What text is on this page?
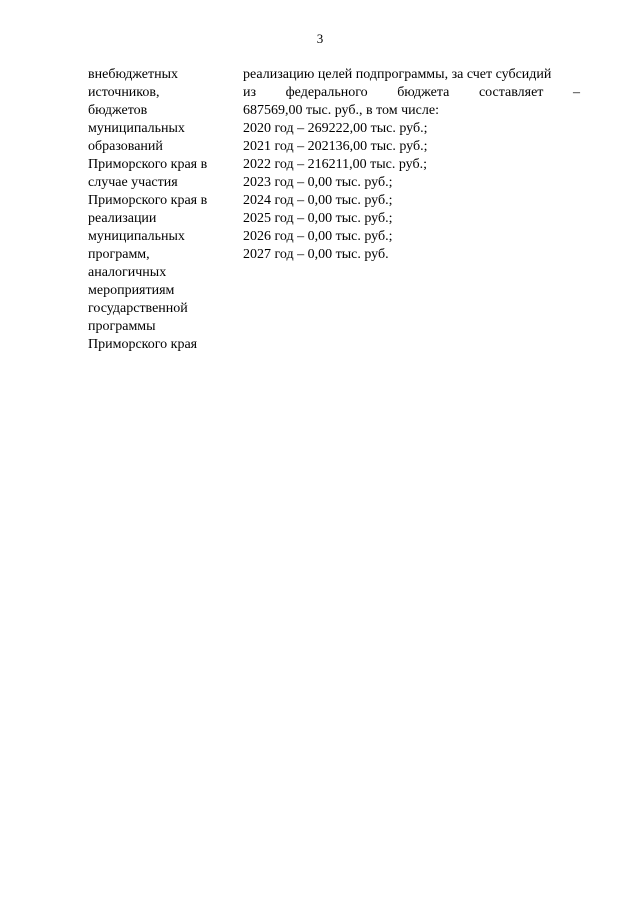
3
внебюджетных
источников,
бюджетов
муниципальных
образований
Приморского края в
случае участия
Приморского края в
реализации
муниципальных
программ,
аналогичных
мероприятиям
государственной
программы
Приморского края
реализацию целей подпрограммы, за счет субсидий
из федерального бюджета составляет –
687569,00 тыс. руб., в том числе:
2020 год – 269222,00 тыс. руб.;
2021 год – 202136,00 тыс. руб.;
2022 год – 216211,00 тыс. руб.;
2023 год – 0,00 тыс. руб.;
2024 год – 0,00 тыс. руб.;
2025 год – 0,00 тыс. руб.;
2026 год – 0,00 тыс. руб.;
2027 год – 0,00 тыс. руб.
